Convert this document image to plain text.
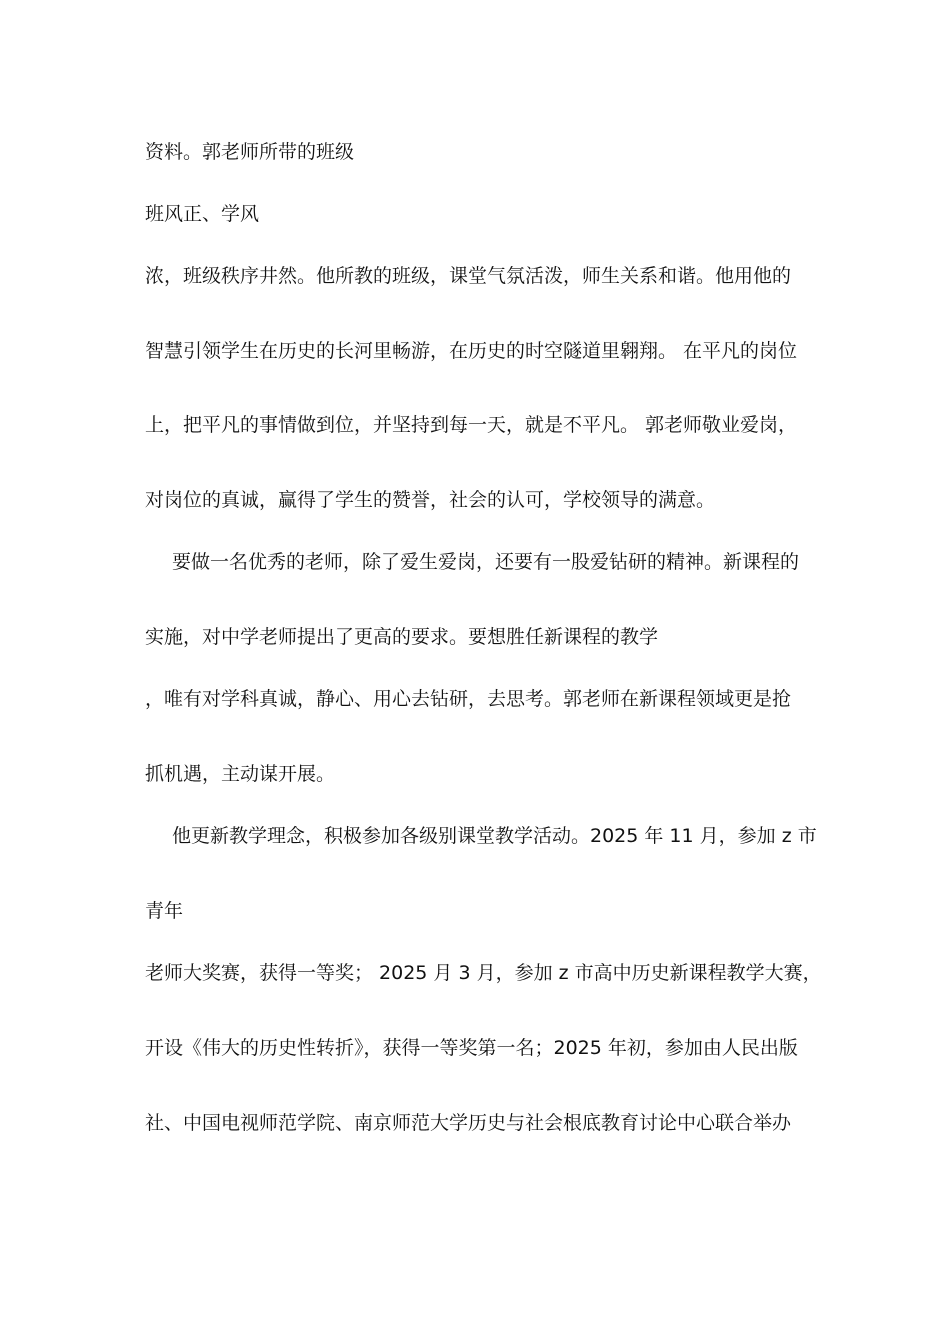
资料。郭老师所带的班级
班风正、学风
浓，班级秩序井然。他所教的班级，课堂气氛活泼，师生关系和谐。他用他的
智慧引领学生在历史的长河里畅游，在历史的时空隧道里翱翔。 在平凡的岗位
上，把平凡的事情做到位，并坚持到每一天，就是不平凡。 郭老师敬业爱岗，
对岗位的真诚，赢得了学生的赞誉，社会的认可，学校领导的满意。
要做一名优秀的老师，除了爱生爱岗，还要有一股爱钻研的精神。新课程的
实施，对中学老师提出了更高的要求。要想胜任新课程的教学
，唯有对学科真诚，静心、用心去钻研，去思考。郭老师在新课程领域更是抢
抓机遇，主动谋开展。
他更新教学理念，积极参加各级别课堂教学活动。2025 年 11 月，参加 z 市
青年
老师大奖赛，获得一等奖； 2025 月 3 月，参加 z 市高中历史新课程教学大赛，
开设《伟大的历史性转折》，获得一等奖第一名；2025 年初，参加由人民出版
社、中国电视师范学院、南京师范大学历史与社会根底教育讨论中心联合举办
